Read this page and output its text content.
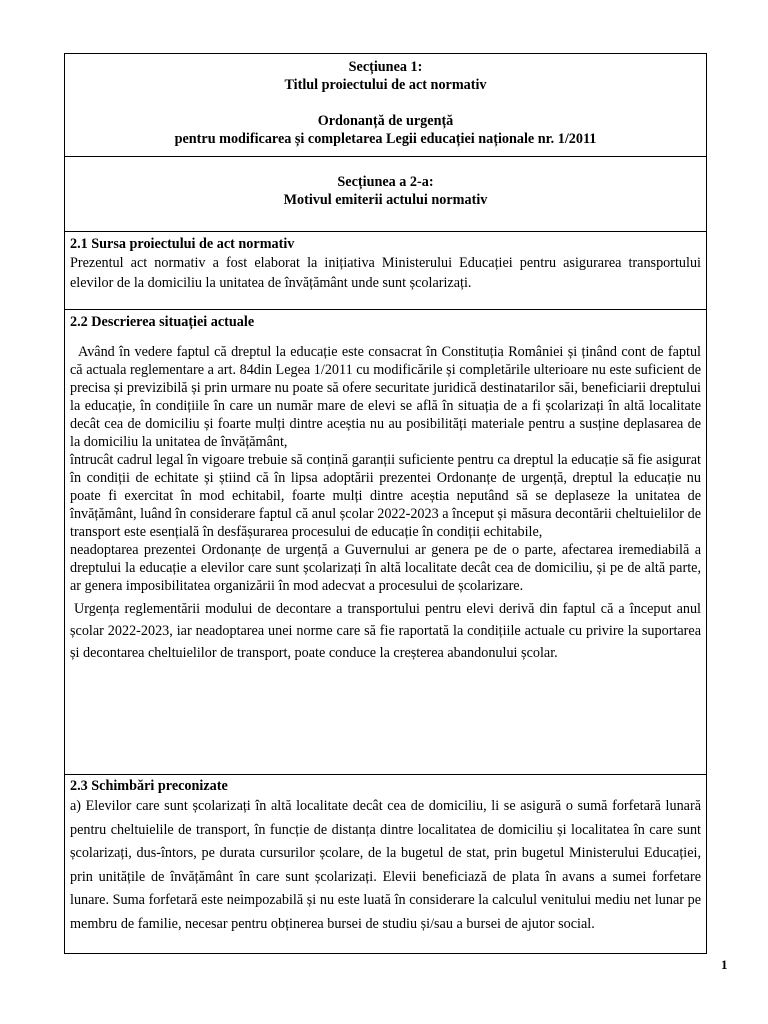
Secțiunea 1:
Titlul proiectului de act normativ
Ordonanță de urgență
pentru modificarea și completarea Legii educației naționale nr. 1/2011
Secțiunea a 2-a:
Motivul emiterii actului normativ
2.1 Sursa proiectului de act normativ

Prezentul act normativ a fost elaborat la inițiativa Ministerului Educației pentru asigurarea transportului elevilor de la domiciliu la unitatea de învățământ unde sunt școlarizați.

2.2 Descrierea situației actuale

Având în vedere faptul că dreptul la educație este consacrat în Constituția României și ținând cont de faptul că actuala reglementare a art. 84din Legea 1/2011 cu modificările și completările ulterioare nu este suficient de precisa și previzibilă și prin urmare nu poate să ofere securitate juridică destinatarilor săi, beneficiarii dreptului la educație, în condițiile în care un număr mare de elevi se află în situația de a fi școlarizați în altă localitate decât cea de domiciliu și foarte mulți dintre aceștia nu au posibilități materiale pentru a susține deplasarea de la domiciliu la unitatea de învățământ,

întrucât cadrul legal în vigoare trebuie să conțină garanții suficiente pentru ca dreptul la educație să fie asigurat în condiții de echitate și știind că în lipsa adoptării prezentei Ordonanțe de urgență, dreptul la educație nu poate fi exercitat în mod echitabil, foarte mulți dintre aceștia neputând să se deplaseze la unitatea de învățământ, luând în considerare faptul că anul școlar 2022-2023 a început și măsura decontării cheltuielilor de transport este esențială în desfășurarea procesului de educație în condiții echitabile,

neadoptarea prezentei Ordonanțe de urgență a Guvernului ar genera pe de o parte, afectarea iremediabilă a dreptului la educație a elevilor care sunt școlarizați în altă localitate decât cea de domiciliu, și pe de altă parte, ar genera imposibilitatea organizării în mod adecvat a procesului de școlarizare.

Urgența reglementării modului de decontare a transportului pentru elevi derivă din faptul că a început anul școlar 2022-2023, iar neadoptarea unei norme care să fie raportată la condițiile actuale cu privire la suportarea și decontarea cheltuielilor de transport, poate conduce la creșterea abandonului școlar.

2.3 Schimbări preconizate

a) Elevilor care sunt școlarizați în altă localitate decât cea de domiciliu, li se asigură o sumă forfetară lunară pentru cheltuielile de transport, în funcție de distanța dintre localitatea de domiciliu și localitatea în care sunt școlarizați, dus-întors, pe durata cursurilor școlare, de la bugetul de stat, prin bugetul Ministerului Educației, prin unitățile de învățământ în care sunt școlarizați. Elevii beneficiază de plata în avans a sumei forfetare lunare. Suma forfetară este neimpozabilă și nu este luată în considerare la calculul venitului mediu net lunar pe membru de familie, necesar pentru obținerea bursei de studiu și/sau a bursei de ajutor social.

1
